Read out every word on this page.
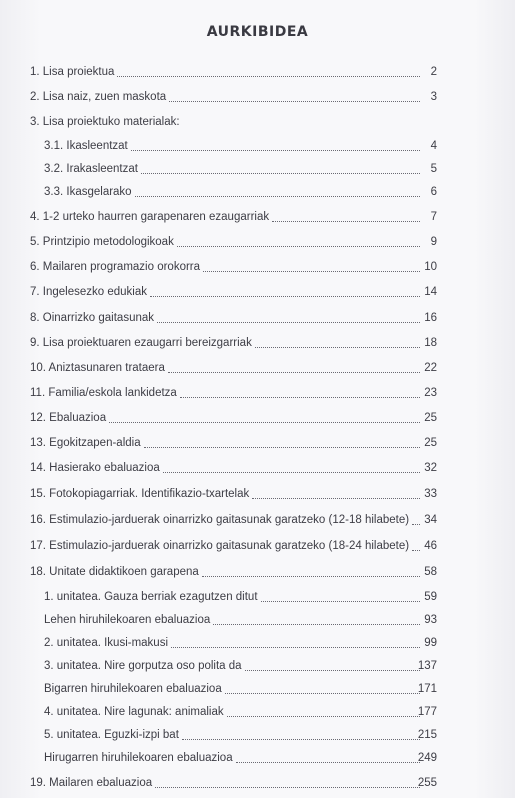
AURKIBIDEA
1. Lisa proiektua	2
2. Lisa naiz, zuen maskota	3
3. Lisa proiektuko materialak:
3.1. Ikasleentzat	4
3.2. Irakasleentzat	5
3.3. Ikasgelarako	6
4. 1-2 urteko haurren garapenaren ezaugarriak	7
5. Printzipio metodologikoak	9
6. Mailaren programazio orokorra	10
7. Ingelesezko edukiak	14
8. Oinarrizko gaitasunak	16
9. Lisa proiektuaren ezaugarri bereizgarriak	18
10. Aniztasunaren trataera	22
11. Familia/eskola lankidetza	23
12. Ebaluazioa	25
13. Egokitzapen-aldia	25
14. Hasierako ebaluazioa	32
15. Fotokopiagarriak. Identifikazio-txartelak	33
16. Estimulazio-jarduerak oinarrizko gaitasunak garatzeko (12-18 hilabete)	34
17. Estimulazio-jarduerak oinarrizko gaitasunak garatzeko (18-24 hilabete)	46
18. Unitate didaktikoen garapena	58
1. unitatea. Gauza berriak ezagutzen ditut	59
Lehen hiruhilekoaren ebaluazioa	93
2. unitatea. Ikusi-makusi	99
3. unitatea. Nire gorputza oso polita da	137
Bigarren hiruhilekoaren ebaluazioa	171
4. unitatea. Nire lagunak: animaliak	177
5. unitatea. Eguzki-izpi bat	215
Hirugarren hiruhilekoaren ebaluazioa	249
19. Mailaren ebaluazioa	255
